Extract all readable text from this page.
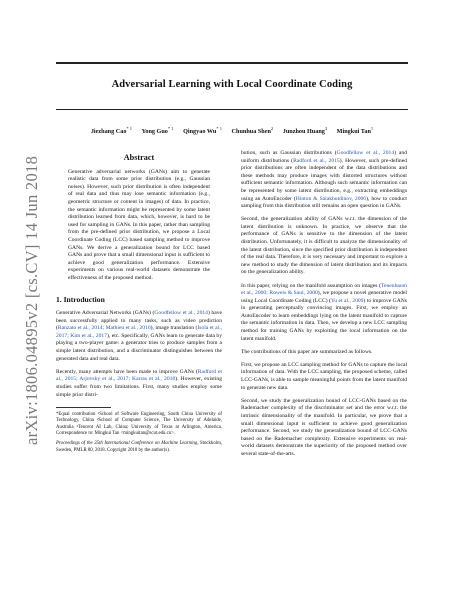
arXiv:1806.04895v2 [cs.CV] 14 Jun 2018
Adversarial Learning with Local Coordinate Coding
Jiezhang Cao$^{* 1}$ Yong Guo$^{* 1}$ Qingyao Wu$^{* 1}$ Chunhua Shen$^2$ Junzhou Huang$^3$ Mingkui Tan$^1$
Abstract

Generative adversarial networks (GANs) aim to generate realistic data from some prior distribution (e.g., Gaussian noises). However, such prior distribution is often independent of real data and thus may lose semantic information (e.g., geometric structure or content in images) of data. In practice, the semantic information might be represented by some latent distribution learned from data, which, however, is hard to be used for sampling in GANs. In this paper, rather than sampling from the pre-defined prior distribution, we propose a Local Coordinate Coding (LCC) based sampling method to improve GANs. We derive a generalization bound for LCC based GANs and prove that a small dimensional input is sufficient to achieve good generalization performance. Extensive experiments on various real-world datasets demonstrate the effectiveness of the proposed method.

1. Introduction

Generative Adversarial Networks (GANs) (Goodfellow et al., 2014) have been successfully applied to many tasks, such as video prediction (Ranzato et al., 2014; Mathieu et al., 2016), image translation (Isola et al., 2017; Kim et al., 2017), etc. Specifically, GANs learn to generate data by playing a two-player game: a generator tries to produce samples from a simple latent distribution, and a discriminator distinguishes between the generated data and real data.

Recently, many attempts have been made to improve GANs (Radford et al., 2015; Arjovsky et al., 2017; Karras et al., 2018). However, existing studies suffer from two limitations. First, many studies employ some simple prior distri-

*Equal contribution ¹School of Software Engineering, South China University of Technology, China ²School of Computer Science, The University of Adelaide, Australia ³Tencent AI Lab, China; University of Texas at Arlington, America. Correspondence to: Mingkui Tan <mingkuitan@scut.edu.cn>.

Proceedings of the 35th International Conference on Machine Learning, Stockholm, Sweden, PMLR 80, 2018. Copyright 2018 by the author(s).

bution, such as Gaussian distributions (Goodfellow et al., 2014) and uniform distributions (Radford et al., 2015). However, such pre-defined prior distributions are often independent of the data distributions and these methods may produce images with distorted structures without sufficient semantic information. Although such semantic information can be represented by some latent distribution, e.g., extracting embeddings using an AutoEncoder (Hinton & Salakhutdinov, 2006), how to conduct sampling from this distribution still remains an open question in GANs.

Second, the generalization ability of GANs w.r.t. the dimension of the latent distribution is unknown. In practice, we observe that the performance of GANs is sensitive to the dimension of the latent distribution. Unfortunately, it is difficult to analyze the dimensionality of the latent distribution, since the specified prior distribution is independent of the real data. Therefore, it is very necessary and important to explore a new method to study the dimension of latent distribution and its impacts on the generalization ability.

In this paper, relying on the manifold assumption on images (Tenenbaum et al., 2000; Roweis & Saul, 2000), we propose a novel generative model using Local Coordinate Coding (LCC) (Yu et al., 2009) to improve GANs in generating perceptually convincing images. First, we employ an AutoEncoder to learn embeddings lying on the latent manifold to capture the semantic information in data. Then, we develop a new LCC sampling method for training GANs by exploiting the local information on the latent manifold.

The contributions of this paper are summarized as follows.

First, we propose an LCC sampling method for GANs to capture the local information of data. With the LCC sampling, the proposed scheme, called LCC-GANs, is able to sample meaningful points from the latent manifold to generate new data.

Second, we study the generalization bound of LCC-GANs based on the Rademacher complexity of the discriminator set and the error w.r.t. the intrinsic dimensionality of the manifold. In particular, we prove that a small dimensional input is sufficient to achieve good generalization performance. Second, we study the generalization bound of LCC-GANs based on the Rademacher complexity. Extensive experiments on real-world datasets demonstrate the superiority of the proposed method over several state-of-the-arts.
